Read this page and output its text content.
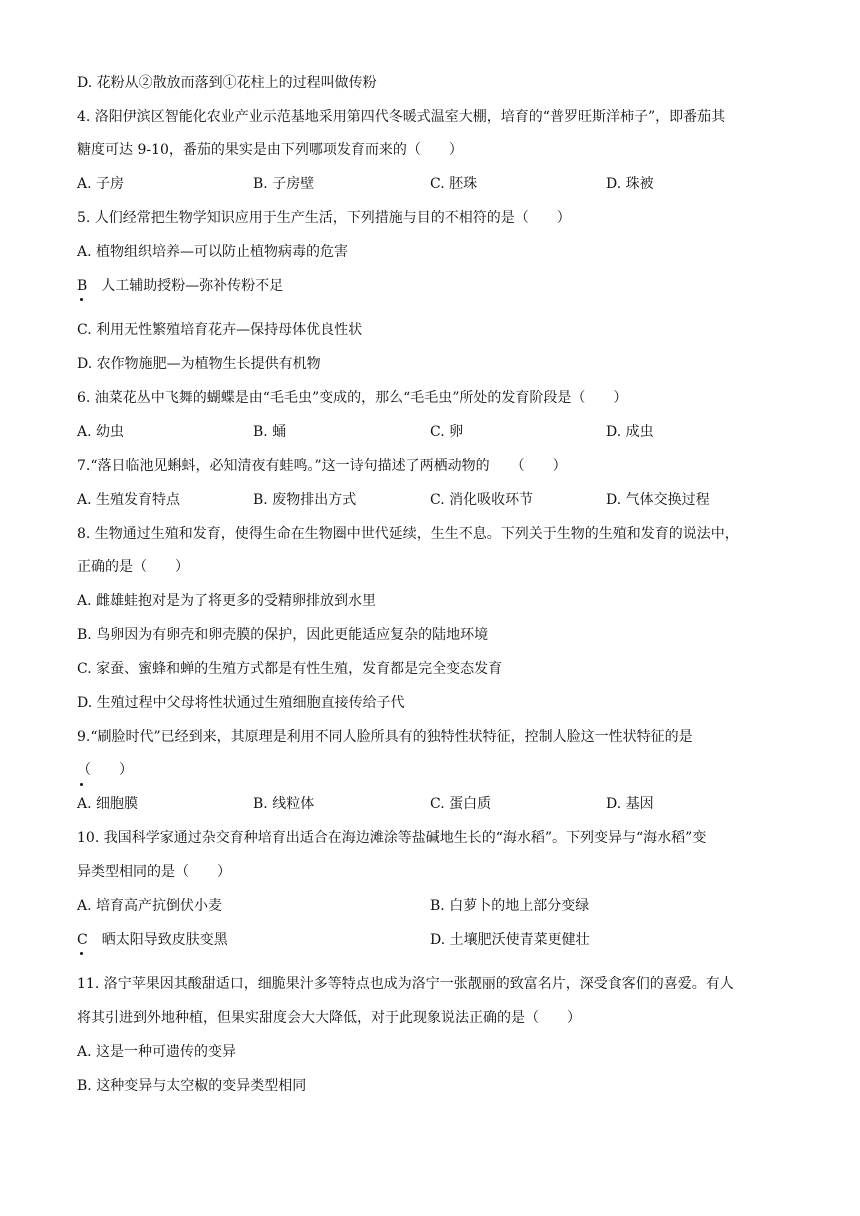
D. 花粉从②散放而落到①花柱上的过程叫做传粉
4. 洛阳伊滨区智能化农业产业示范基地采用第四代冬暖式温室大棚，培育的“普罗旺斯洋柿子”，即番茄其
糖度可达 9-10，番茄的果实是由下列哪项发育而来的（　　）
A. 子房	B. 子房壁	C. 胚珠	D. 珠被
5. 人们经常把生物学知识应用于生产生活，下列措施与目的不相符的是（　　）
A. 植物组织培养—可以防止植物病毒的危害
B　人工辅助授粉—弥补传粉不足
C. 利用无性繁殖培育花卉—保持母体优良性状
D. 农作物施肥—为植物生长提供有机物
6. 油菜花丛中飞舞的蝴蝶是由“毛毛虫”变成的，那么“毛毛虫”所处的发育阶段是（　　）
A. 幼虫	B. 蛹	C. 卵	D. 成虫
7.“落日临池见蝌蚪，必知清夜有蛙鸣。”这一诗句描述了两栖动物的　　（　　）
A. 生殖发育特点	B. 废物排出方式	C. 消化吸收环节	D. 气体交换过程
8. 生物通过生殖和发育，使得生命在生物圈中世代延续，生生不息。下列关于生物的生殖和发育的说法中，
正确的是（　　）
A. 雌雄蛙抱对是为了将更多的受精卵排放到水里
B. 鸟卵因为有卵壳和卵壳膜的保护，因此更能适应复杂的陆地环境
C. 家蚕、蜜蜂和蝉的生殖方式都是有性生殖，发育都是完全变态发育
D. 生殖过程中父母将性状通过生殖细胞直接传给子代
9.“刷脸时代”已经到来，其原理是利用不同人脸所具有的独特性状特征，控制人脸这一性状特征的是
（　　）
A. 细胞膜	B. 线粒体	C. 蛋白质	D. 基因
10. 我国科学家通过杂交育种培育出适合在海边滩涂等盐碱地生长的“海水稻”。下列变异与“海水稻”变
异类型相同的是（　　）
A. 培育高产抗倒伏小麦	B. 白萝卜的地上部分变绿
C　晒太阳导致皮肤变黑	D. 土壤肥沃使青菜更健壮
11. 洛宁苹果因其酸甜适口，细脆果汁多等特点也成为洛宁一张靓丽的致富名片，深受食客们的喜爱。有人
将其引进到外地种植，但果实甜度会大大降低，对于此现象说法正确的是（　　）
A. 这是一种可遗传的变异
B. 这种变异与太空椒的变异类型相同
